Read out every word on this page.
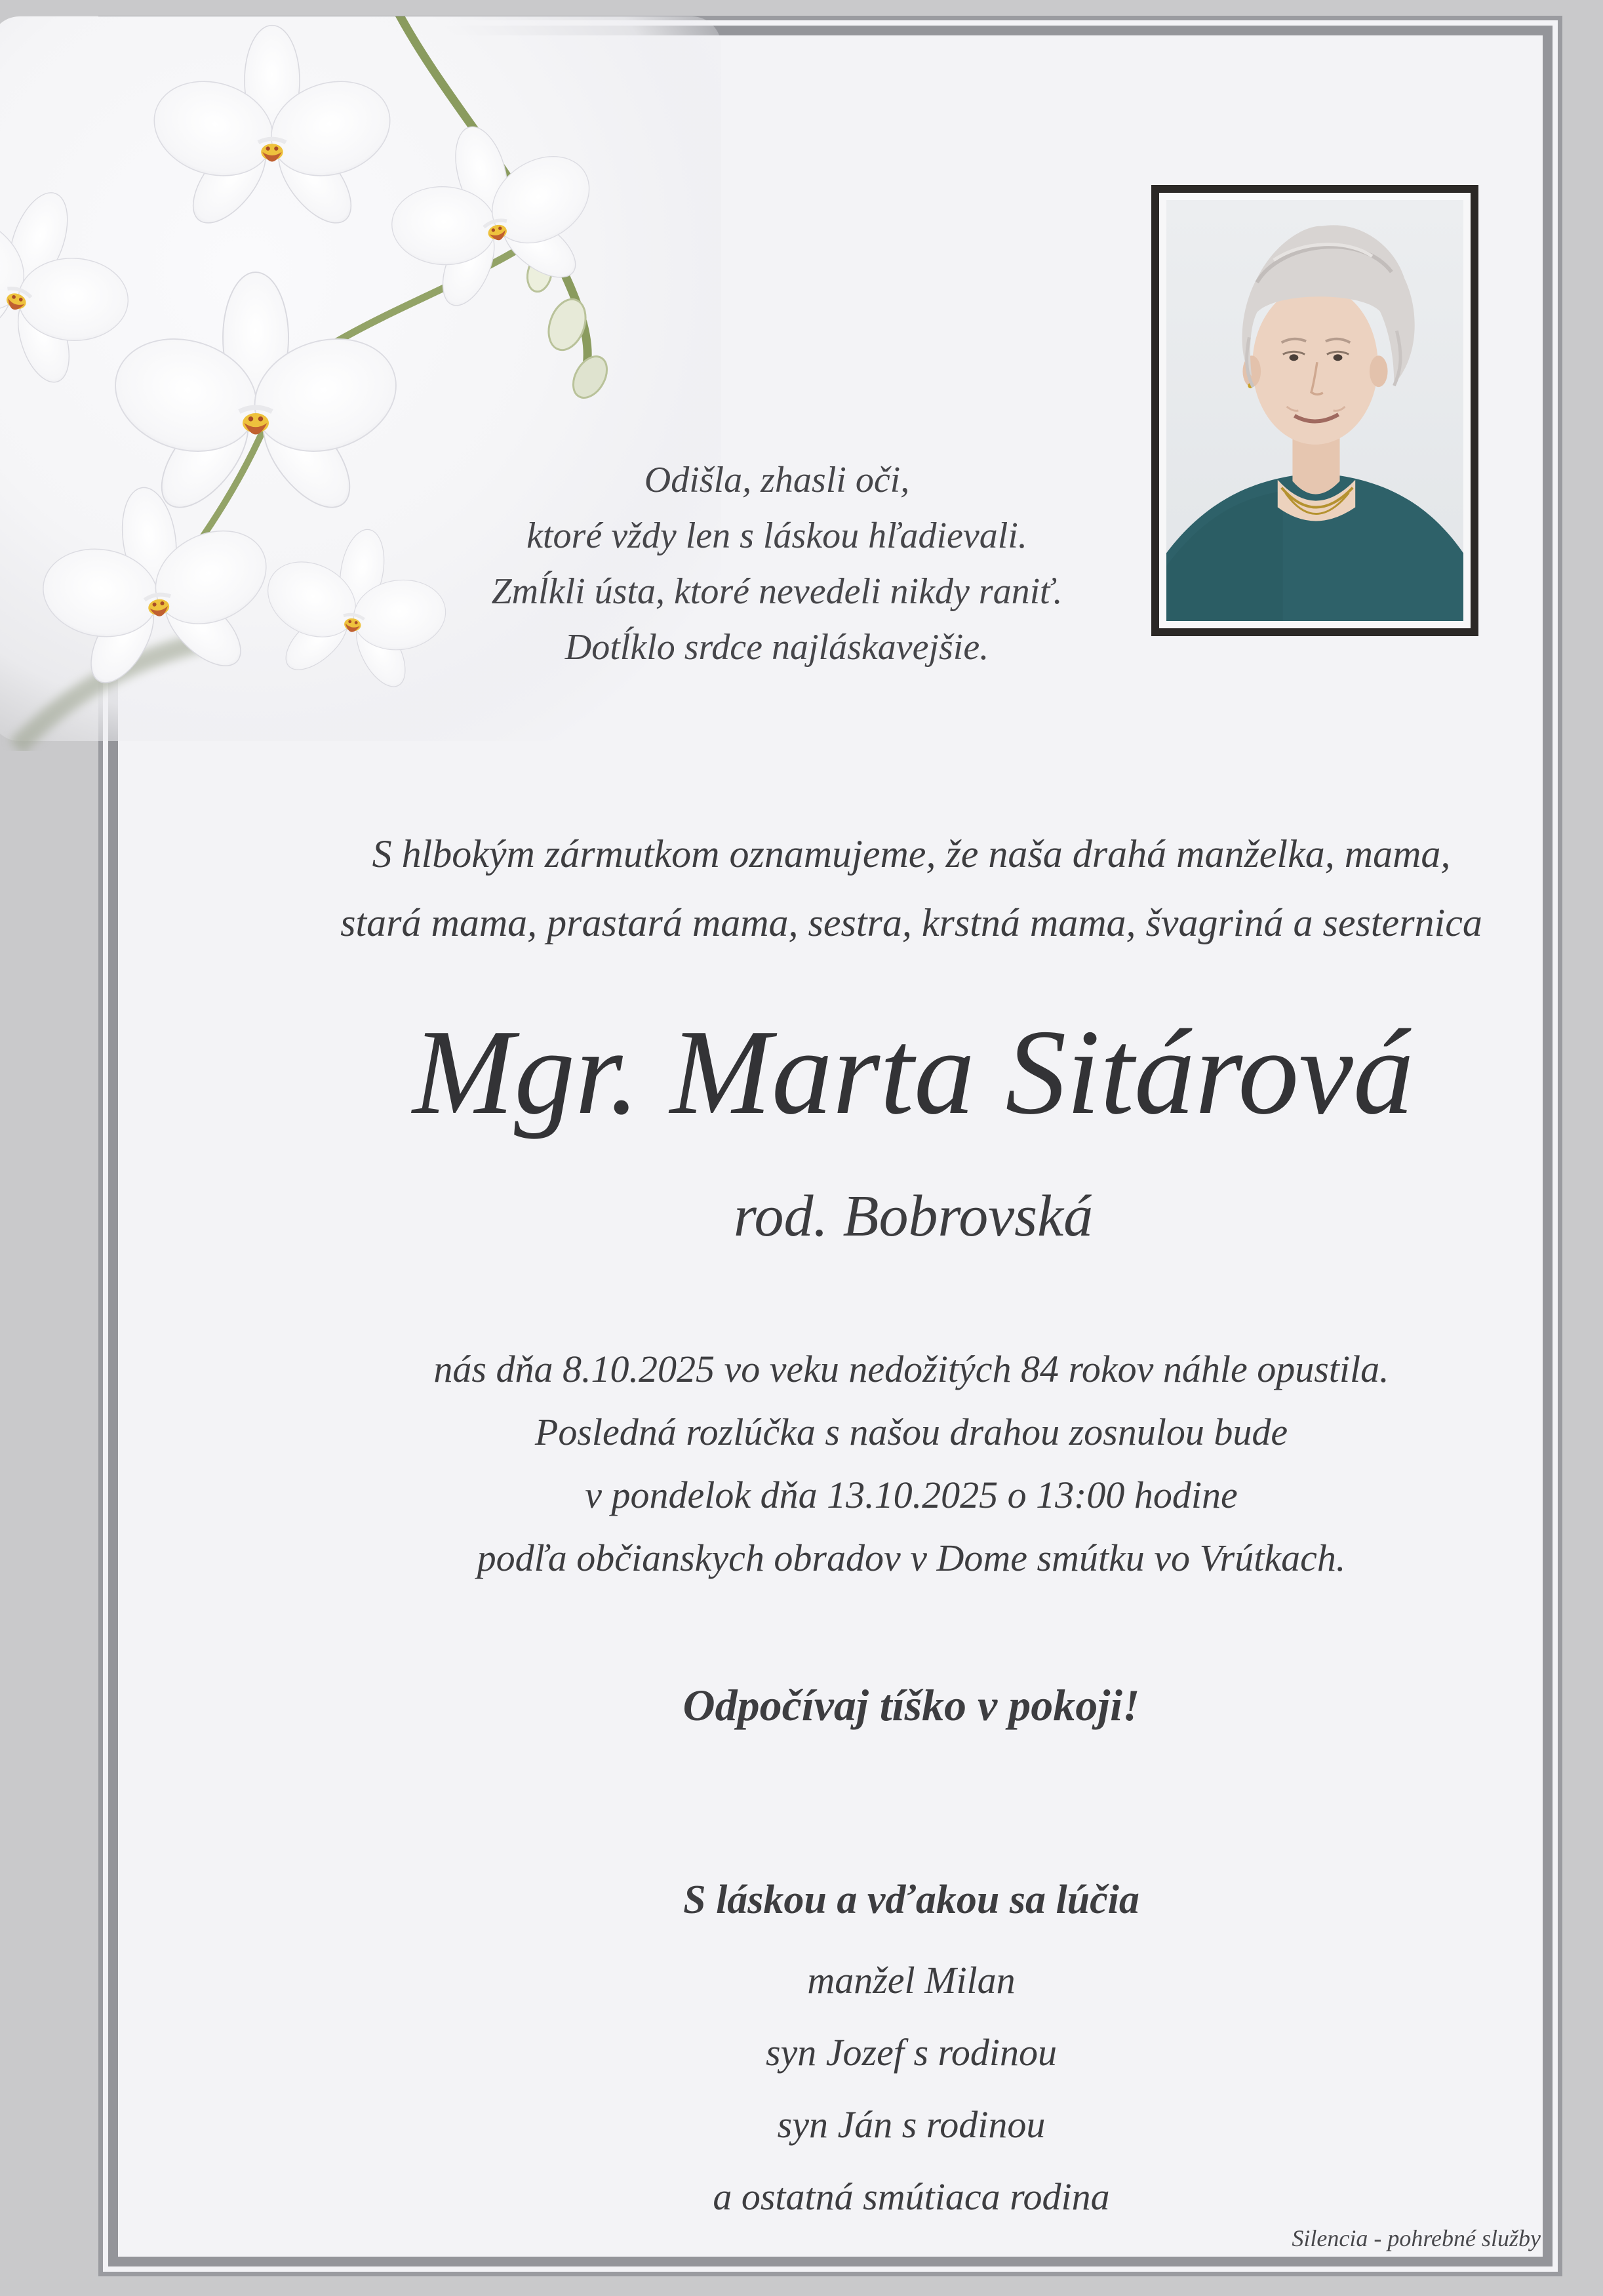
Odišla, zhasli oči,
ktoré vždy len s láskou hľadievali.
Zmĺkli ústa, ktoré nevedeli nikdy raniť.
Dotĺklo srdce najláskavejšie.
S hlbokým zármutkom oznamujeme, že naša drahá manželka, mama,
stará mama, prastará mama, sestra, krstná mama, švagriná a sesternica
Mgr. Marta Sitárová
rod. Bobrovská
nás dňa 8.10.2025 vo veku nedožitých 84 rokov náhle opustila.
Posledná rozlúčka s našou drahou zosnulou bude
v pondelok dňa 13.10.2025 o 13:00 hodine
podľa občianskych obradov v Dome smútku vo Vrútkach.
Odpočívaj tíško v pokoji!
S láskou a vďakou sa lúčia
manžel Milan
syn Jozef s rodinou
syn Ján s rodinou
a ostatná smútiaca rodina
Silencia - pohrebné služby
